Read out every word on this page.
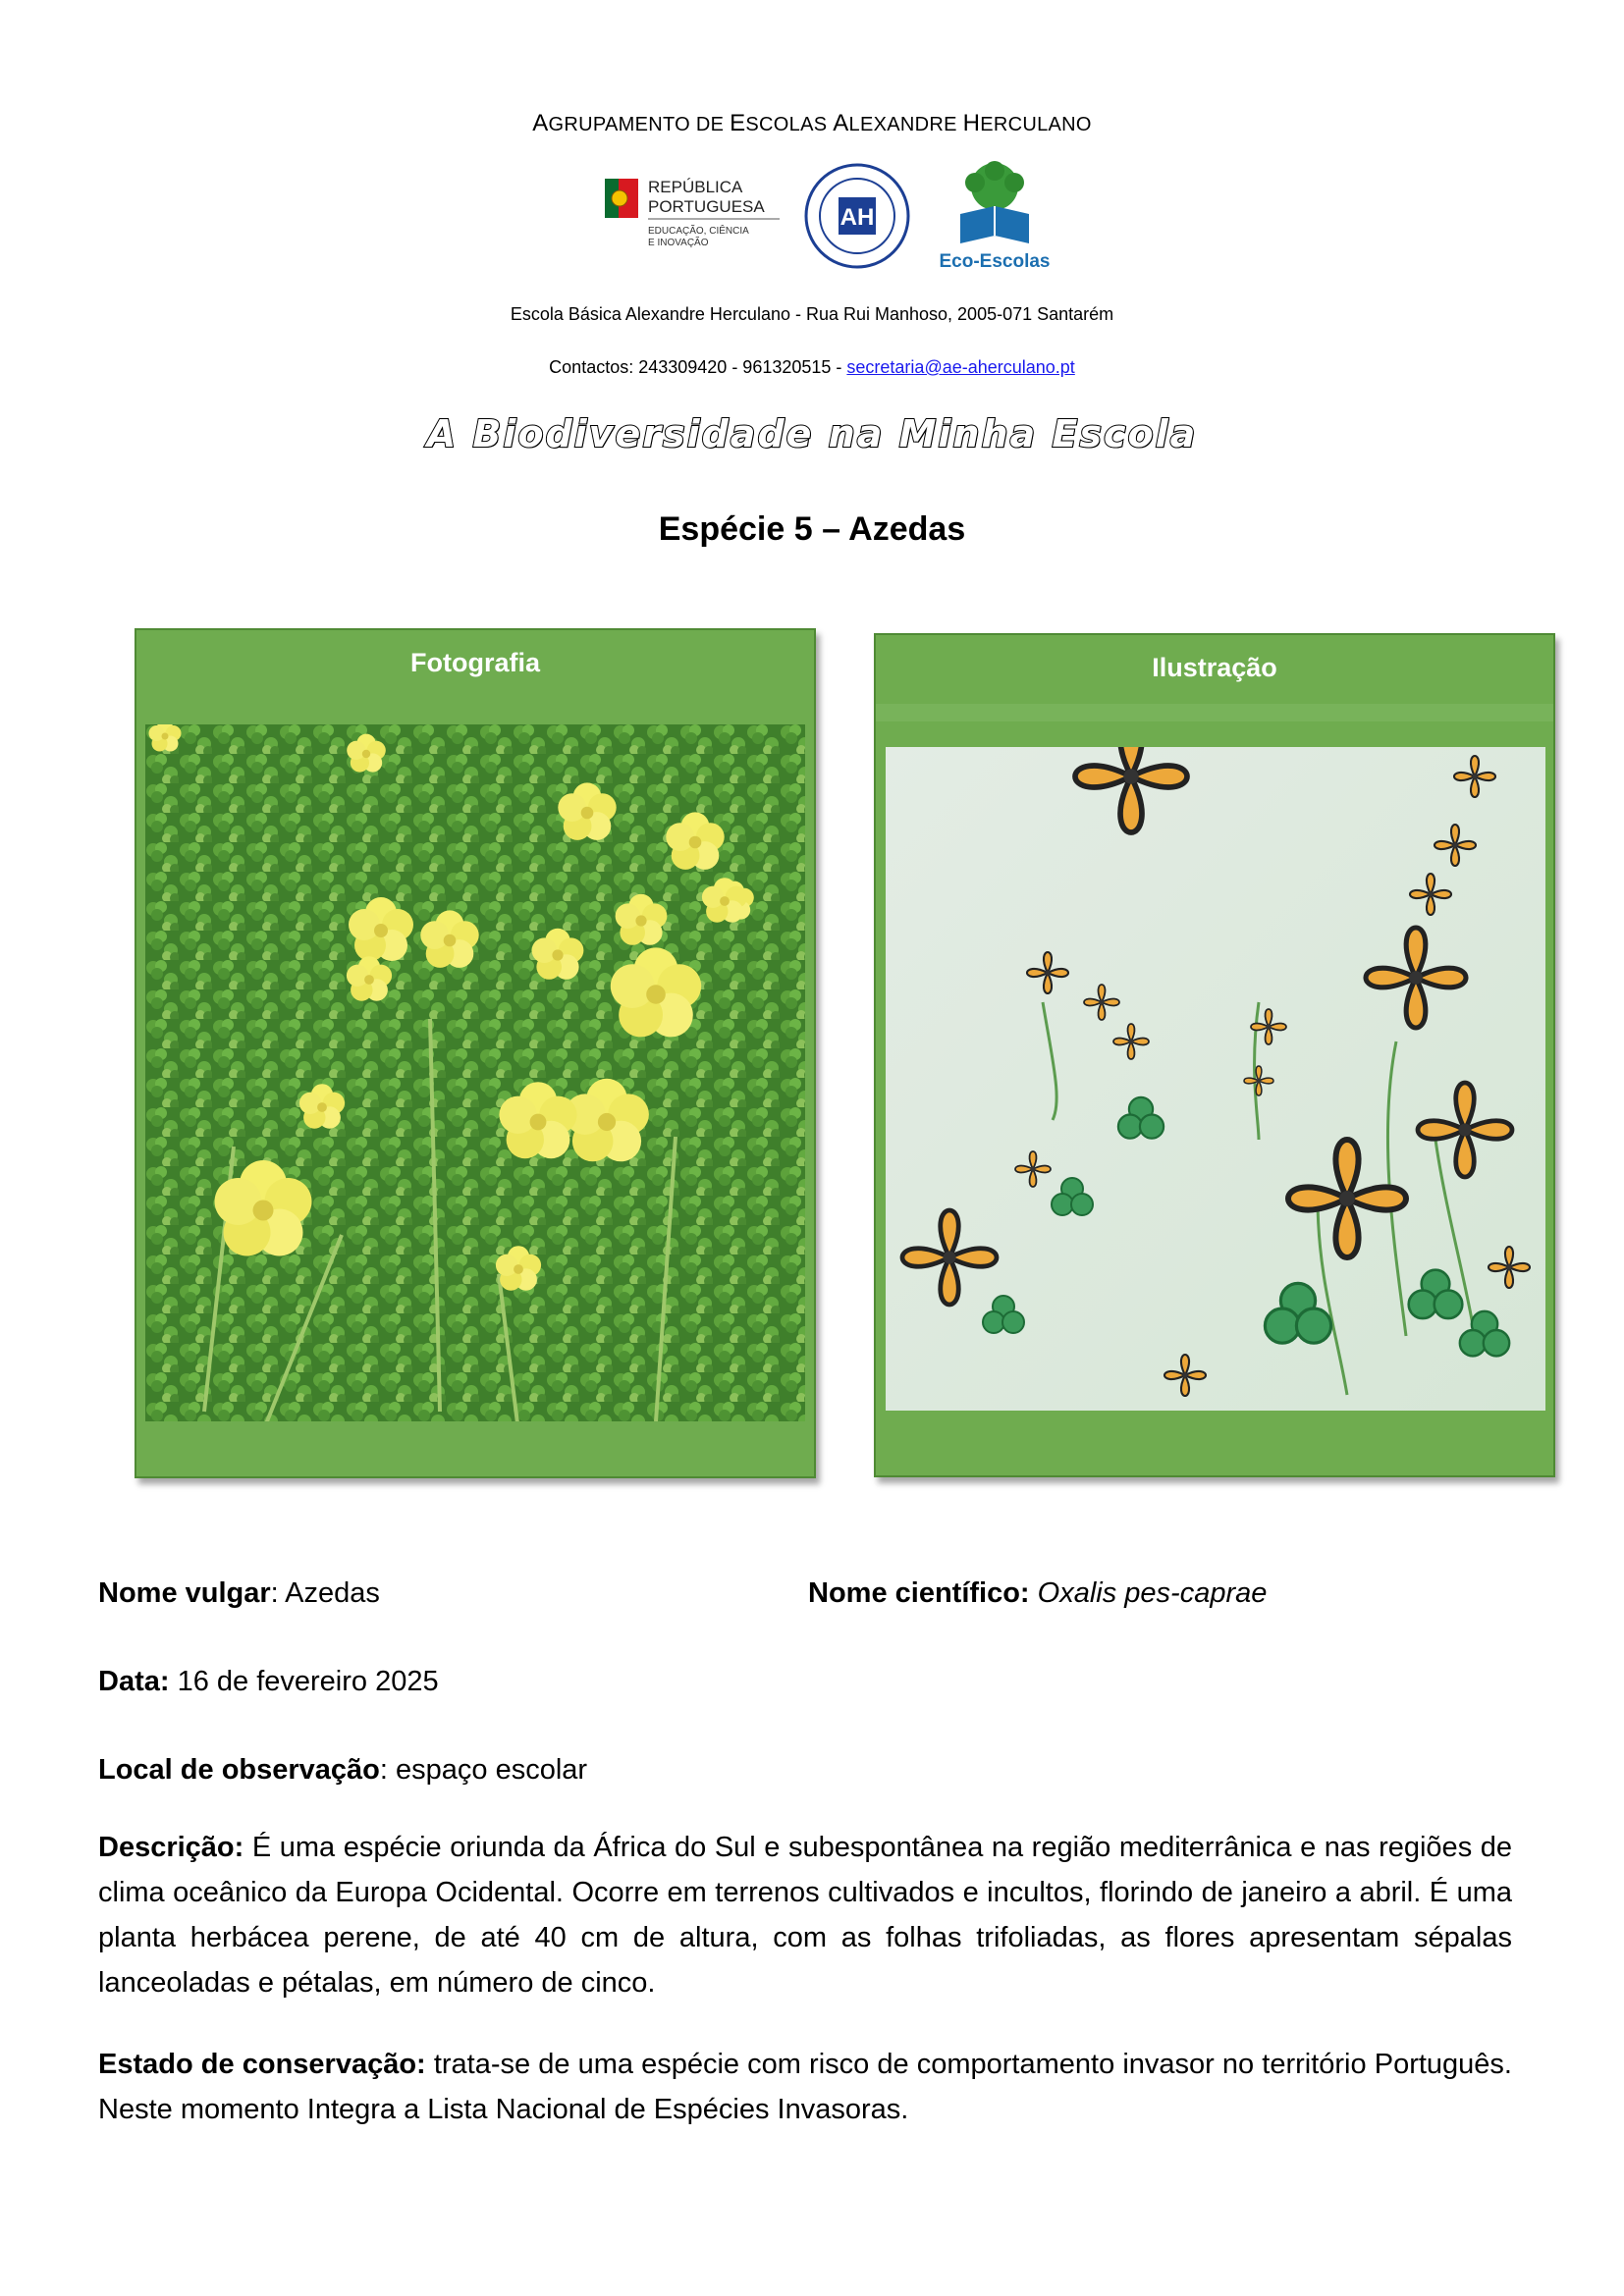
AGRUPAMENTO DE ESCOLAS ALEXANDRE HERCULANO
REPÚBLICA
PORTUGUESA
EDUCAÇÃO, CIÊNCIA
E INOVAÇÃO
AH
Eco-Escolas
Escola Básica Alexandre Herculano - Rua Rui Manhoso, 2005-071 Santarém
Contactos: 243309420 - 961320515 - secretaria@ae-aherculano.pt
A Biodiversidade na Minha Escola
Espécie 5 – Azedas
Fotografia	Ilustração
Nome vulgar: Azedas	Nome científico: Oxalis pes-caprae
Data: 16 de fevereiro 2025
Local de observação: espaço escolar
Descrição: É uma espécie oriunda da África do Sul e subespontânea na região mediterrânica e nas regiões de clima oceânico da Europa Ocidental. Ocorre em terrenos cultivados e incultos, florindo de janeiro a abril. É uma planta herbácea perene, de até 40 cm de altura, com as folhas trifoliadas, as flores apresentam sépalas lanceoladas e pétalas, em número de cinco.
Estado de conservação: trata-se de uma espécie com risco de comportamento invasor no território Português. Neste momento Integra a Lista Nacional de Espécies Invasoras.
